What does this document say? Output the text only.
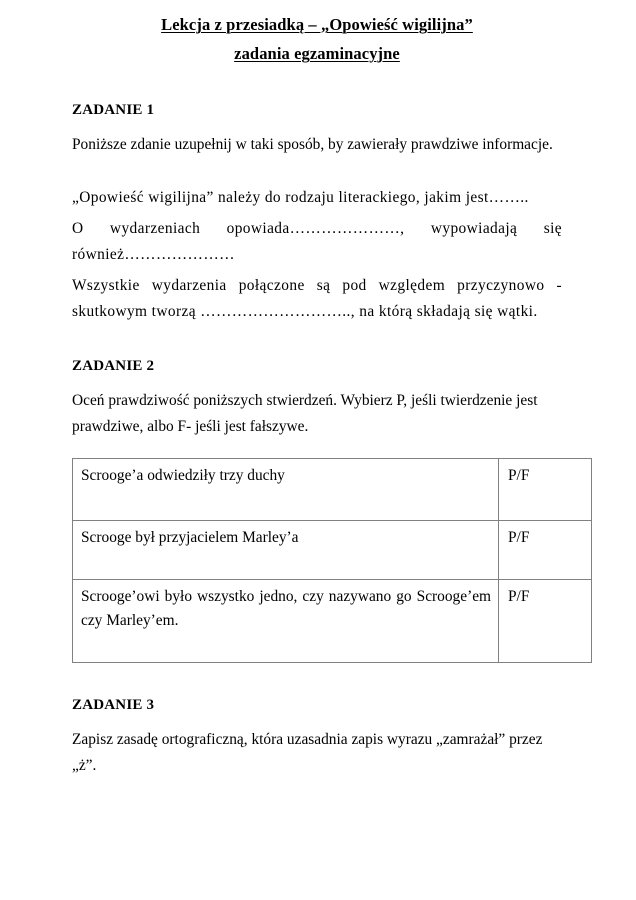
Lekcja z przesiadką – „Opowieść wigilijna”
zadania egzaminacyjne
ZADANIE 1

Poniższe zdanie uzupełnij w taki sposób, by zawierały prawdziwe informacje.

„Opowieść wigilijna” należy do rodzaju literackiego, jakim jest……..

O wydarzeniach opowiada…………………, wypowiadają się również…………………

Wszystkie wydarzenia połączone są pod względem przyczynowo - skutkowym tworzą ……………………….., na którą składają się wątki.

ZADANIE 2

Oceń prawdziwość poniższych stwierdzeń. Wybierz P, jeśli twierdzenie jest prawdziwe, albo F- jeśli jest fałszywe.

Scrooge’a odwiedziły trzy duchy	P/F
Scrooge był przyjacielem Marley’a	P/F
Scrooge’owi było wszystko jedno, czy nazywano go Scrooge’em czy Marley’em.	P/F
ZADANIE 3

Zapisz zasadę ortograficzną, która uzasadnia zapis wyrazu „zamrażał” przez „ż”.
